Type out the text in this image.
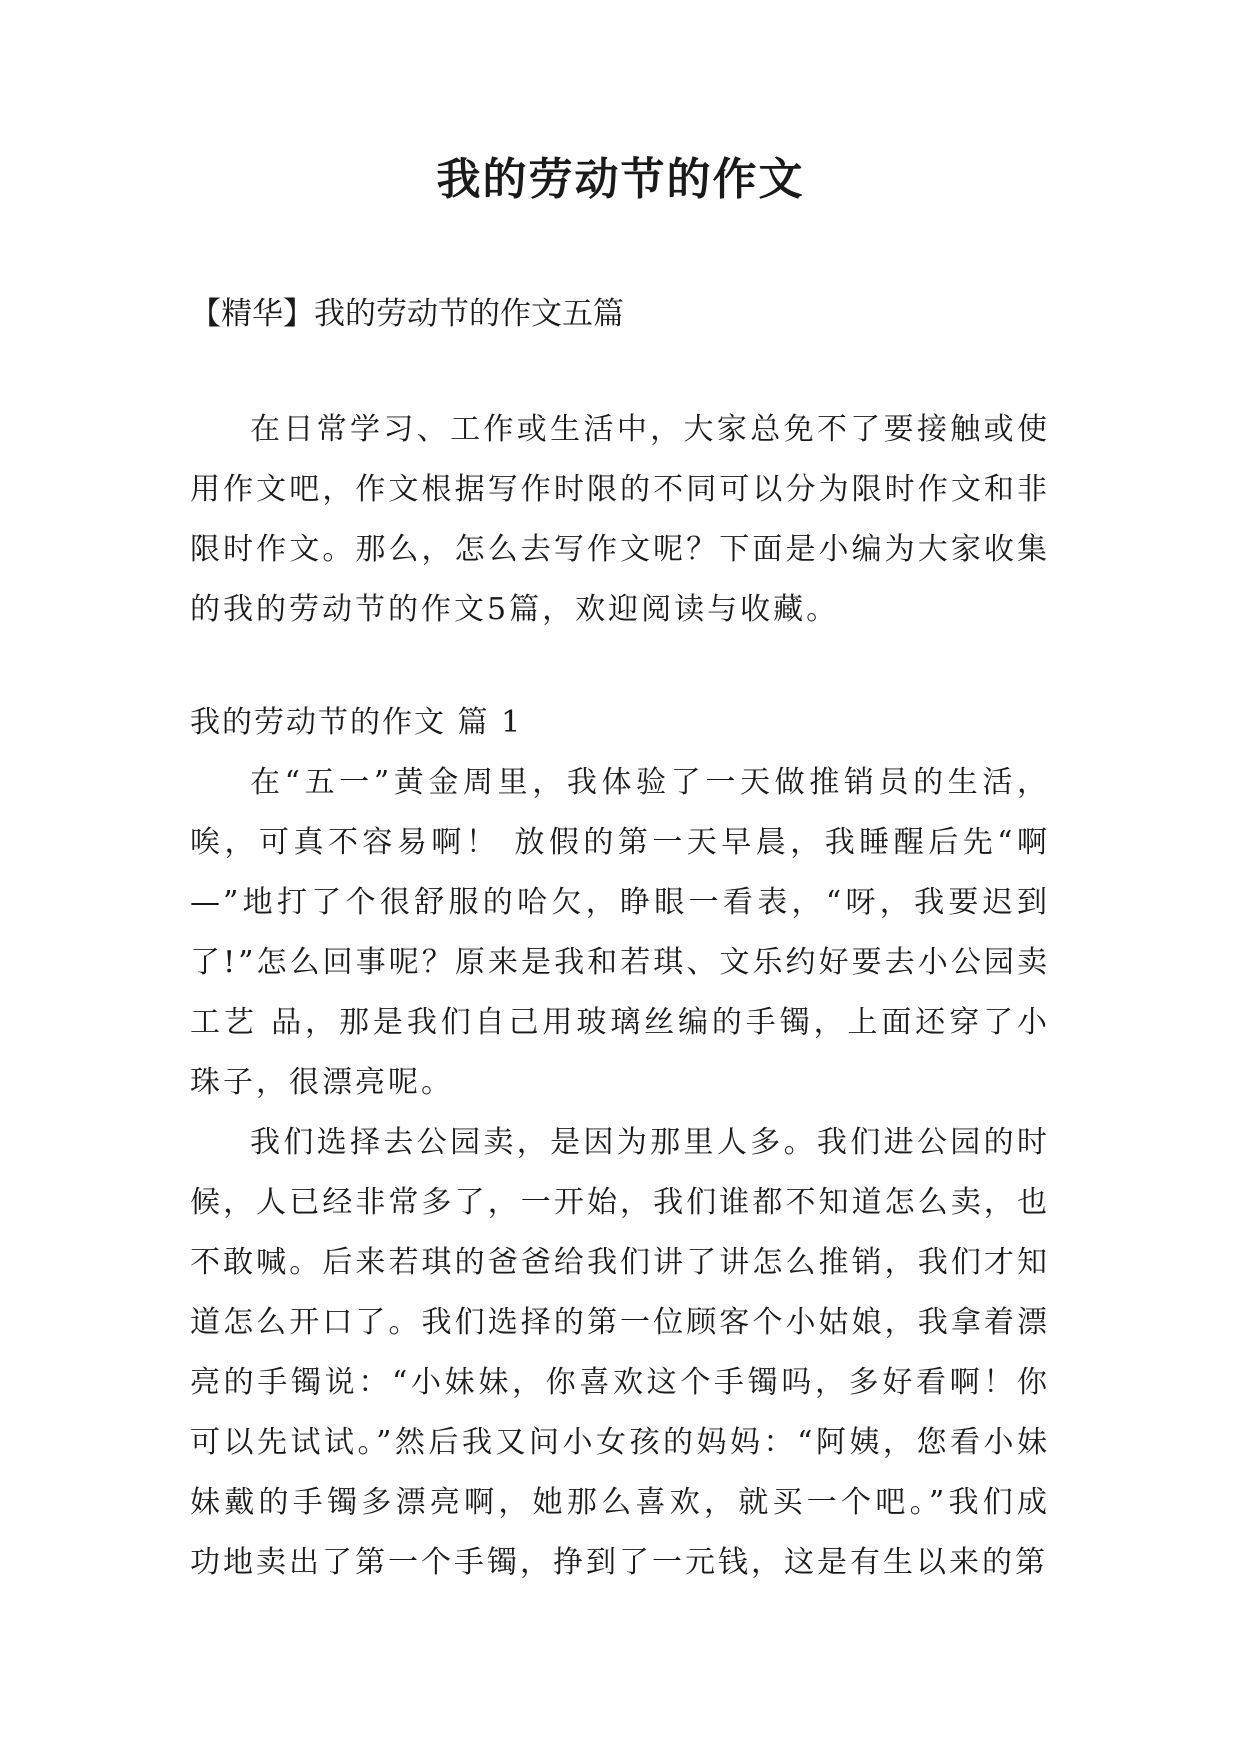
我的劳动节的作文

【精华】我的劳动节的作文五篇

在日常学习、工作或生活中，大家总免不了要接触或使用作文吧，作文根据写作时限的不同可以分为限时作文和非限时作文。那么，怎么去写作文呢？下面是小编为大家收集的我的劳动节的作文5篇，欢迎阅读与收藏。

我的劳动节的作文 篇 1

在“五一”黄金周里，我体验了一天做推销员的生活，唉，可真不容易啊！ 放假的第一天早晨，我睡醒后先“啊—”地打了个很舒服的哈欠，睁眼一看表，“呀，我要迟到了!”怎么回事呢？原来是我和若琪、文乐约好要去小公园卖工艺 品，那是我们自己用玻璃丝编的手镯，上面还穿了小珠子，很漂亮呢。

我们选择去公园卖，是因为那里人多。我们进公园的时候，人已经非常多了，一开始，我们谁都不知道怎么卖，也不敢喊。后来若琪的爸爸给我们讲了讲怎么推销，我们才知道怎么开口了。我们选择的第一位顾客个小姑娘，我拿着漂亮的手镯说：“小妹妹，你喜欢这个手镯吗，多好看啊！你可以先试试。”然后我又问小女孩的妈妈：“阿姨，您看小妹妹戴的手镯多漂亮啊，她那么喜欢，就买一个吧。”我们成功地卖出了第一个手镯，挣到了一元钱，这是有生以来的第
